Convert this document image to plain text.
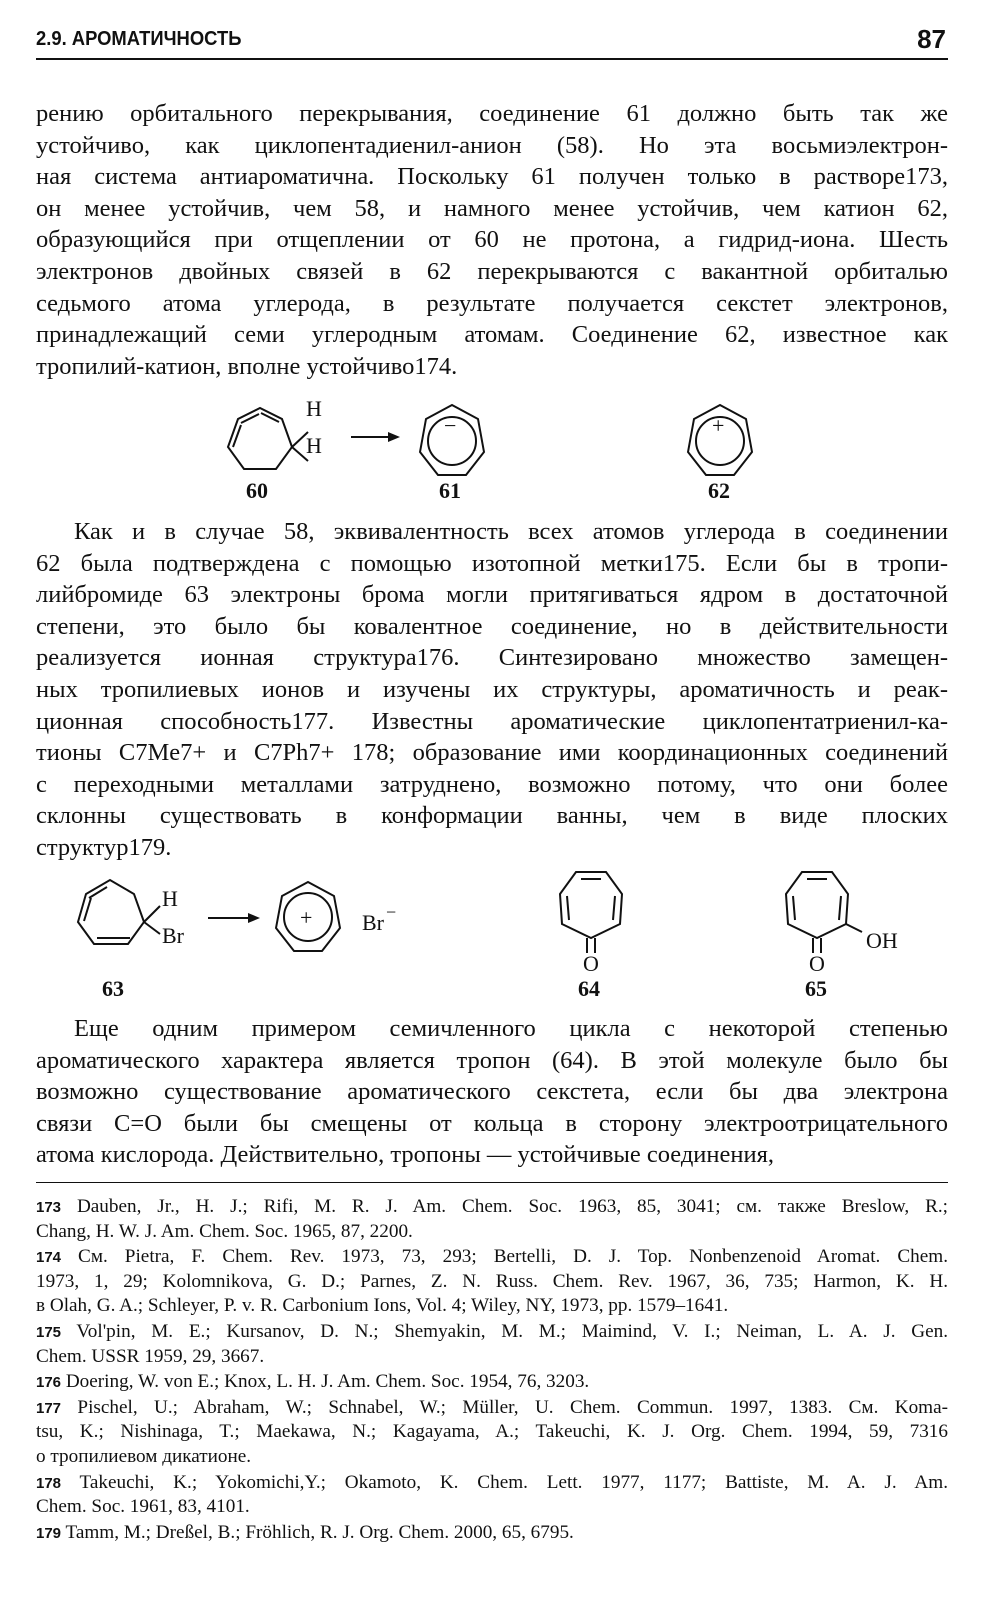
2.9. АРОМАТИЧНОСТЬ	87
рению орбитального перекрывания, соединение 61 должно быть так же
устойчиво, как циклопентадиенил-анион (58). Но эта восьмиэлектрон-
ная система антиароматична. Поскольку 61 получен только в растворе173,
он менее устойчив, чем 58, и намного менее устойчив, чем катион 62,
образующийся при отщеплении от 60 не протона, а гидрид-иона. Шесть
электронов двойных связей в 62 перекрываются с вакантной орбиталью
седьмого атома углерода, в результате получается секстет электронов,
принадлежащий семи углеродным атомам. Соединение 62, известное как
тропилий-катион, вполне устойчиво174.
H
H
−	+
60	61	62
Как и в случае 58, эквивалентность всех атомов углерода в соединении
62 была подтверждена с помощью изотопной метки175. Если бы в тропи-
лийбромиде 63 электроны брома могли притягиваться ядром в достаточной
степени, это было бы ковалентное соединение, но в действительности
реализуется ионная структура176. Синтезировано множество замещен-
ных тропилиевых ионов и изучены их структуры, ароматичность и реак-
ционная способность177. Известны ароматические циклопентатриенил-ка-
тионы C7Me7+ и C7Ph7+ 178; образование ими координационных соединений
с переходными металлами затруднено, возможно потому, что они более
склонны существовать в конформации ванны, чем в виде плоских
структур179.
H
Br
+ Br −
O	O
OH
63	64	65
Еще одним примером семичленного цикла с некоторой степенью
ароматического характера является тропон (64). В этой молекуле было бы
возможно существование ароматического секстета, если бы два электрона
связи C=O были бы смещены от кольца в сторону электроотрицательного
атома кислорода. Действительно, тропоны — устойчивые соединения,
173 Dauben, Jr., H. J.; Rifi, M. R. J. Am. Chem. Soc. 1963, 85, 3041; см. также Breslow, R.;
Chang, H. W. J. Am. Chem. Soc. 1965, 87, 2200.
174 См. Pietra, F. Chem. Rev. 1973, 73, 293; Bertelli, D. J. Top. Nonbenzenoid Aromat. Chem.
1973, 1, 29; Kolomnikova, G. D.; Parnes, Z. N. Russ. Chem. Rev. 1967, 36, 735; Harmon, K. H.
в Olah, G. A.; Schleyer, P. v. R. Carbonium Ions, Vol. 4; Wiley, NY, 1973, pp. 1579–1641.
175 Vol'pin, M. E.; Kursanov, D. N.; Shemyakin, M. M.; Maimind, V. I.; Neiman, L. A. J. Gen.
Chem. USSR 1959, 29, 3667.
176 Doering, W. von E.; Knox, L. H. J. Am. Chem. Soc. 1954, 76, 3203.
177 Pischel, U.; Abraham, W.; Schnabel, W.; Müller, U. Chem. Commun. 1997, 1383. См. Koma-
tsu, K.; Nishinaga, T.; Maekawa, N.; Kagayama, A.; Takeuchi, K. J. Org. Chem. 1994, 59, 7316
о тропилиевом дикатионе.
178 Takeuchi, K.; Yokomichi,Y.; Okamoto, K. Chem. Lett. 1977, 1177; Battiste, M. A. J. Am.
Chem. Soc. 1961, 83, 4101.
179 Tamm, M.; Dreßel, B.; Fröhlich, R. J. Org. Chem. 2000, 65, 6795.
